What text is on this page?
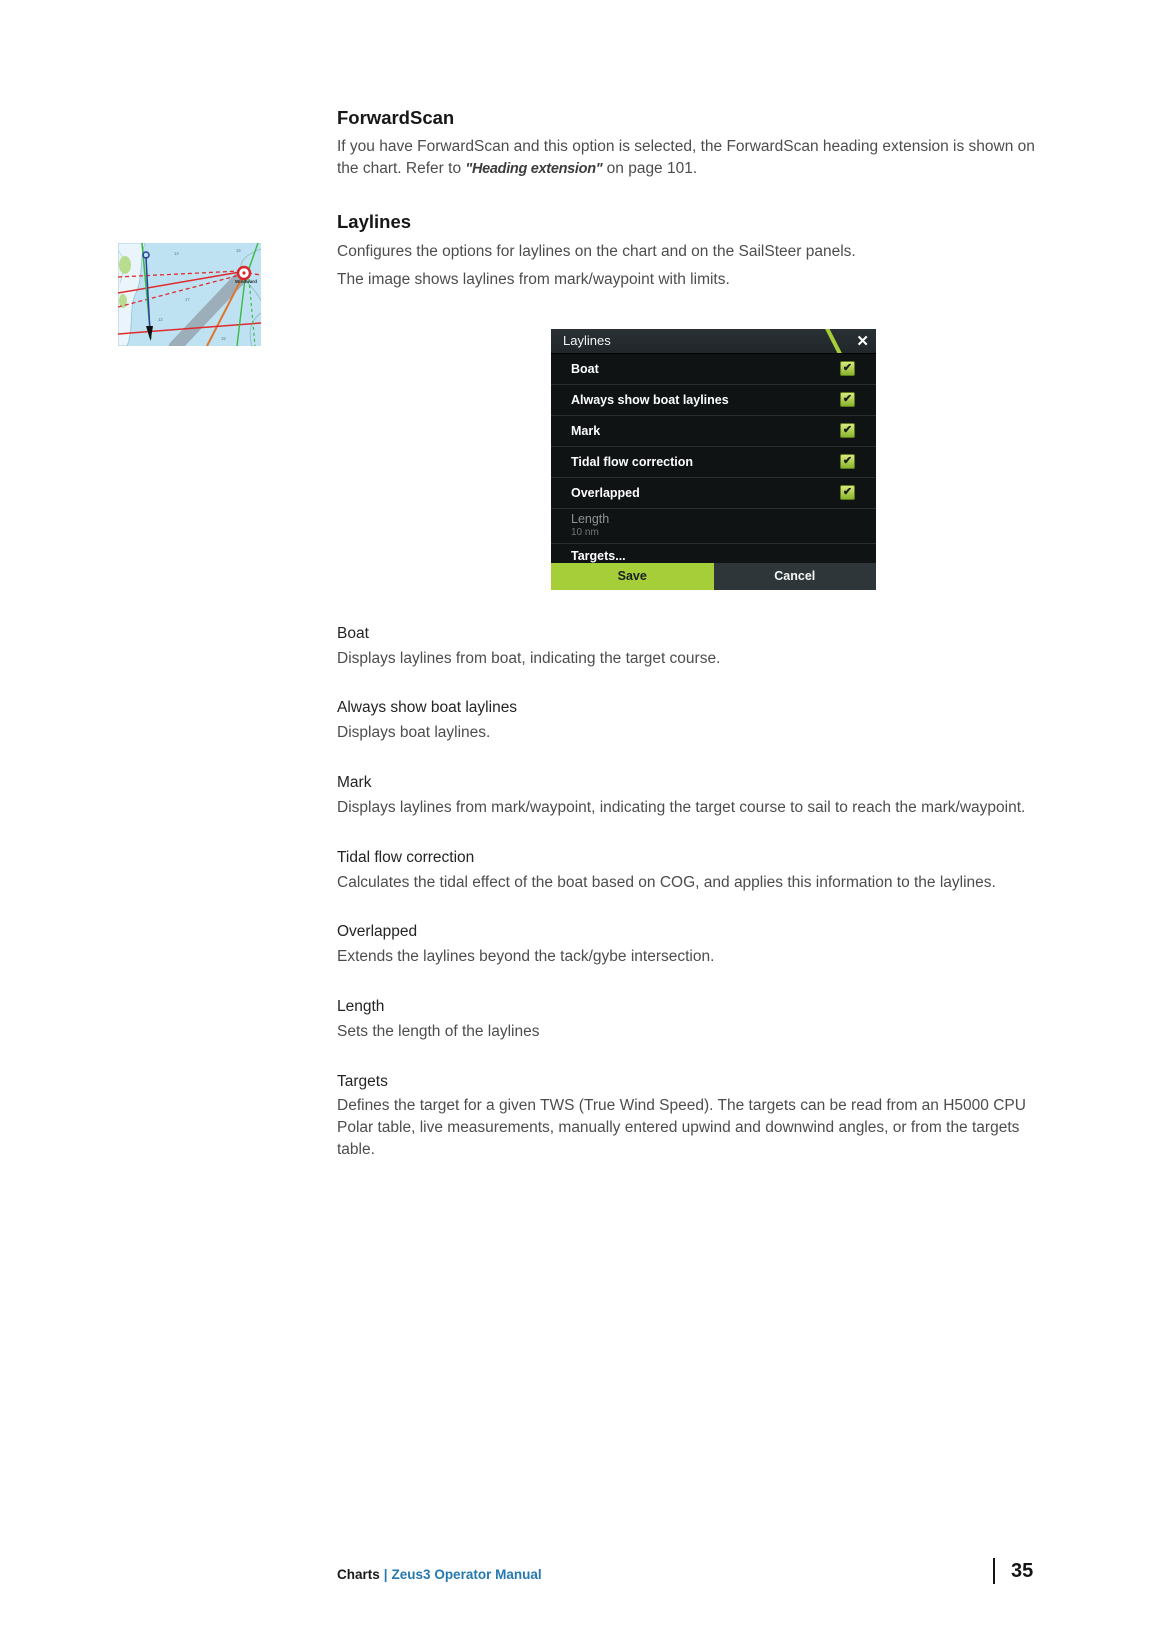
Windward
14
16
17
12
15
ForwardScan

If you have ForwardScan and this option is selected, the ForwardScan heading extension is shown on the chart. Refer to "Heading extension" on page 101.

Laylines

Configures the options for laylines on the chart and on the SailSteer panels.

The image shows laylines from mark/waypoint with limits.

Laylines	✕
Boat	✔
Always show boat laylines	✔
Mark	✔
Tidal flow correction	✔
Overlapped	✔
Length
10 nm
Targets...
Save	Cancel
Boat

Displays laylines from boat, indicating the target course.

Always show boat laylines

Displays boat laylines.

Mark

Displays laylines from mark/waypoint, indicating the target course to sail to reach the mark/waypoint.

Tidal flow correction

Calculates the tidal effect of the boat based on COG, and applies this information to the laylines.

Overlapped

Extends the laylines beyond the tack/gybe intersection.

Length

Sets the length of the laylines

Targets

Defines the target for a given TWS (True Wind Speed). The targets can be read from an H5000 CPU Polar table, live measurements, manually entered upwind and downwind angles, or from the targets table.

Charts | Zeus3 Operator Manual	35
